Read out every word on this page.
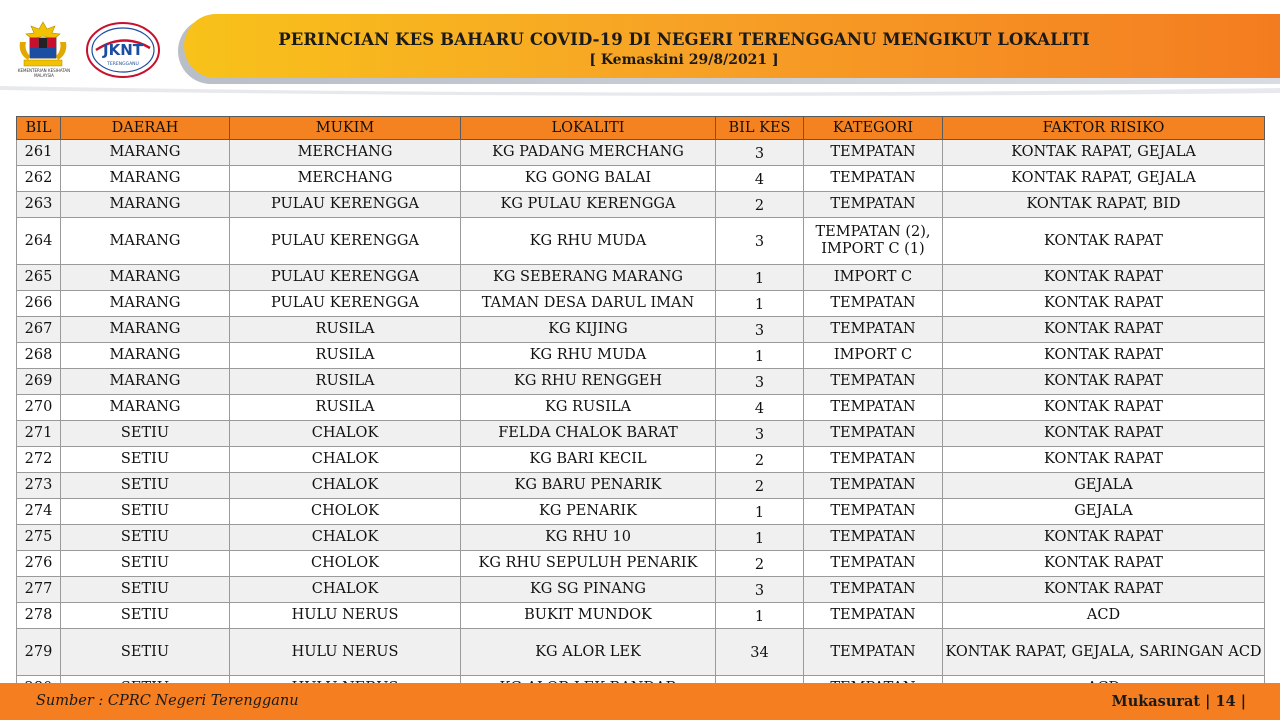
KEMENTERIAN KESIHATAN MALAYSIA
JKNT
TERENGGANU
PERINCIAN KES BAHARU COVID-19 DI NEGERI TERENGGANU MENGIKUT LOKALITI
[ Kemaskini 29/8/2021 ]
BIL	DAERAH	MUKIM	LOKALITI	BIL KES	KATEGORI	FAKTOR RISIKO
261	MARANG	MERCHANG	KG PADANG MERCHANG	3	TEMPATAN	KONTAK RAPAT, GEJALA
262	MARANG	MERCHANG	KG GONG BALAI	4	TEMPATAN	KONTAK RAPAT, GEJALA
263	MARANG	PULAU KERENGGA	KG PULAU KERENGGA	2	TEMPATAN	KONTAK RAPAT, BID
264	MARANG	PULAU KERENGGA	KG RHU MUDA	3	TEMPATAN (2), IMPORT C (1)	KONTAK RAPAT
265	MARANG	PULAU KERENGGA	KG SEBERANG MARANG	1	IMPORT C	KONTAK RAPAT
266	MARANG	PULAU KERENGGA	TAMAN DESA DARUL IMAN	1	TEMPATAN	KONTAK RAPAT
267	MARANG	RUSILA	KG KIJING	3	TEMPATAN	KONTAK RAPAT
268	MARANG	RUSILA	KG RHU MUDA	1	IMPORT C	KONTAK RAPAT
269	MARANG	RUSILA	KG RHU RENGGEH	3	TEMPATAN	KONTAK RAPAT
270	MARANG	RUSILA	KG RUSILA	4	TEMPATAN	KONTAK RAPAT
271	SETIU	CHALOK	FELDA CHALOK BARAT	3	TEMPATAN	KONTAK RAPAT
272	SETIU	CHALOK	KG BARI KECIL	2	TEMPATAN	KONTAK RAPAT
273	SETIU	CHALOK	KG BARU PENARIK	2	TEMPATAN	GEJALA
274	SETIU	CHOLOK	KG PENARIK	1	TEMPATAN	GEJALA
275	SETIU	CHALOK	KG RHU 10	1	TEMPATAN	KONTAK RAPAT
276	SETIU	CHOLOK	KG RHU SEPULUH PENARIK	2	TEMPATAN	KONTAK RAPAT
277	SETIU	CHALOK	KG SG PINANG	3	TEMPATAN	KONTAK RAPAT
278	SETIU	HULU NERUS	BUKIT MUNDOK	1	TEMPATAN	ACD
279	SETIU	HULU NERUS	KG ALOR LEK	34	TEMPATAN	KONTAK RAPAT, GEJALA, SARINGAN ACD

Sumber : CPRC Negeri Terengganu	Mukasurat | 14 |
